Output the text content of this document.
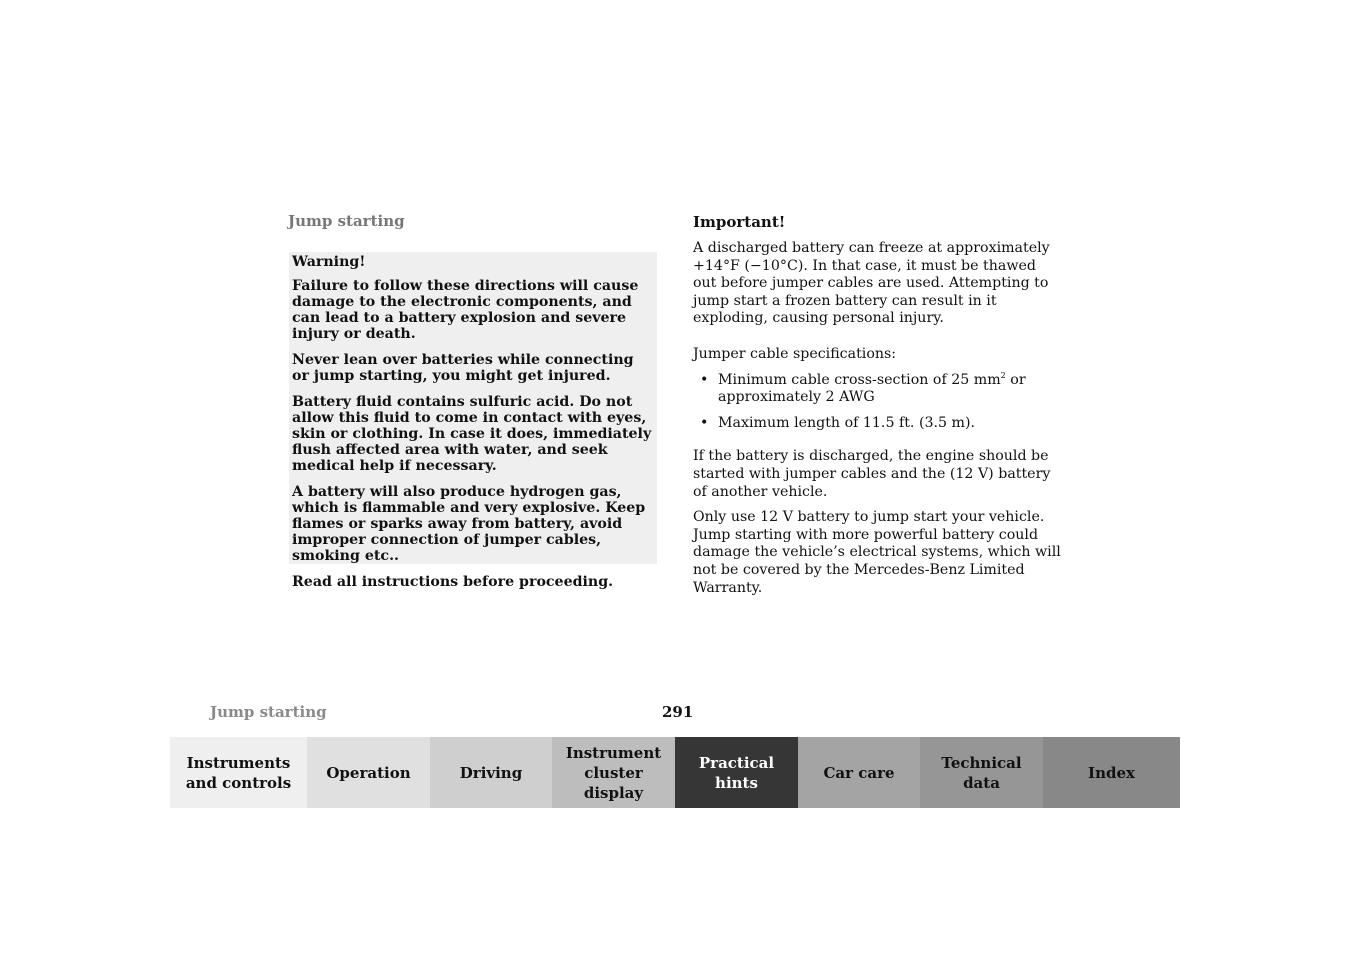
Jump starting

Warning!

Failure to follow these directions will cause damage to the electronic components, and can lead to a battery explosion and severe injury or death.

Never lean over batteries while connecting or jump starting, you might get injured.

Battery fluid contains sulfuric acid. Do not allow this fluid to come in contact with eyes, skin or clothing. In case it does, immediately flush affected area with water, and seek medical help if necessary.

A battery will also produce hydrogen gas, which is flammable and very explosive. Keep flames or sparks away from battery, avoid improper connection of jumper cables, smoking etc..

Read all instructions before proceeding.

Important!

A discharged battery can freeze at approximately +14°F (−10°C). In that case, it must be thawed out before jumper cables are used. Attempting to jump start a frozen battery can result in it exploding, causing personal injury.

Jumper cable specifications:

• Minimum cable cross-section of 25 $mm^2$ or approximately 2 AWG
• Maximum length of 11.5 ft. (3.5 m).

If the battery is discharged, the engine should be started with jumper cables and the (12 V) battery of another vehicle.

Only use 12 V battery to jump start your vehicle. Jump starting with more powerful battery could damage the vehicle’s electrical systems, which will not be covered by the Mercedes-Benz Limited Warranty.

Jump starting	291
Instruments
and controls
Operation	Driving
Instrument
cluster display
Practical hints
Car care
Technical
data
Index
